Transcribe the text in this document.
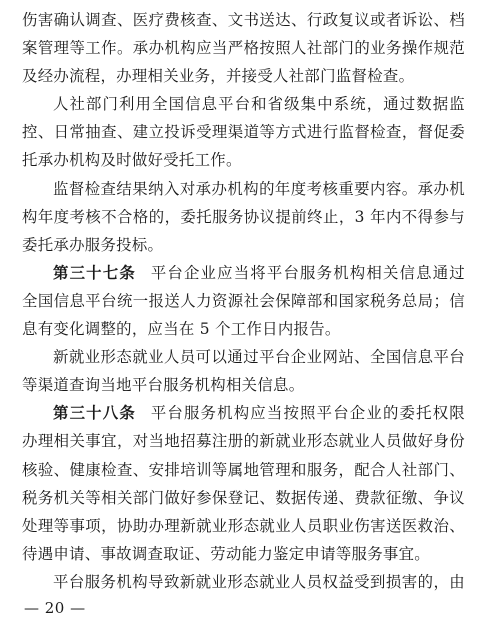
伤害确认调查、医疗费核查、文书送达、行政复议或者诉讼、档
案管理等工作。承办机构应当严格按照人社部门的业务操作规范
及经办流程，办理相关业务，并接受人社部门监督检查。
人社部门利用全国信息平台和省级集中系统，通过数据监
控、日常抽查、建立投诉受理渠道等方式进行监督检查，督促委
托承办机构及时做好受托工作。
监督检查结果纳入对承办机构的年度考核重要内容。承办机
构年度考核不合格的，委托服务协议提前终止，3 年内不得参与
委托承办服务投标。
第三十七条 平台企业应当将平台服务机构相关信息通过
全国信息平台统一报送人力资源社会保障部和国家税务总局；信
息有变化调整的，应当在 5 个工作日内报告。
新就业形态就业人员可以通过平台企业网站、全国信息平台
等渠道查询当地平台服务机构相关信息。
第三十八条 平台服务机构应当按照平台企业的委托权限
办理相关事宜，对当地招募注册的新就业形态就业人员做好身份
核验、健康检查、安排培训等属地管理和服务，配合人社部门、
税务机关等相关部门做好参保登记、数据传递、费款征缴、争议
处理等事项，协助办理新就业形态就业人员职业伤害送医救治、
待遇申请、事故调查取证、劳动能力鉴定申请等服务事宜。
平台服务机构导致新就业形态就业人员权益受到损害的，由
— 20 —
